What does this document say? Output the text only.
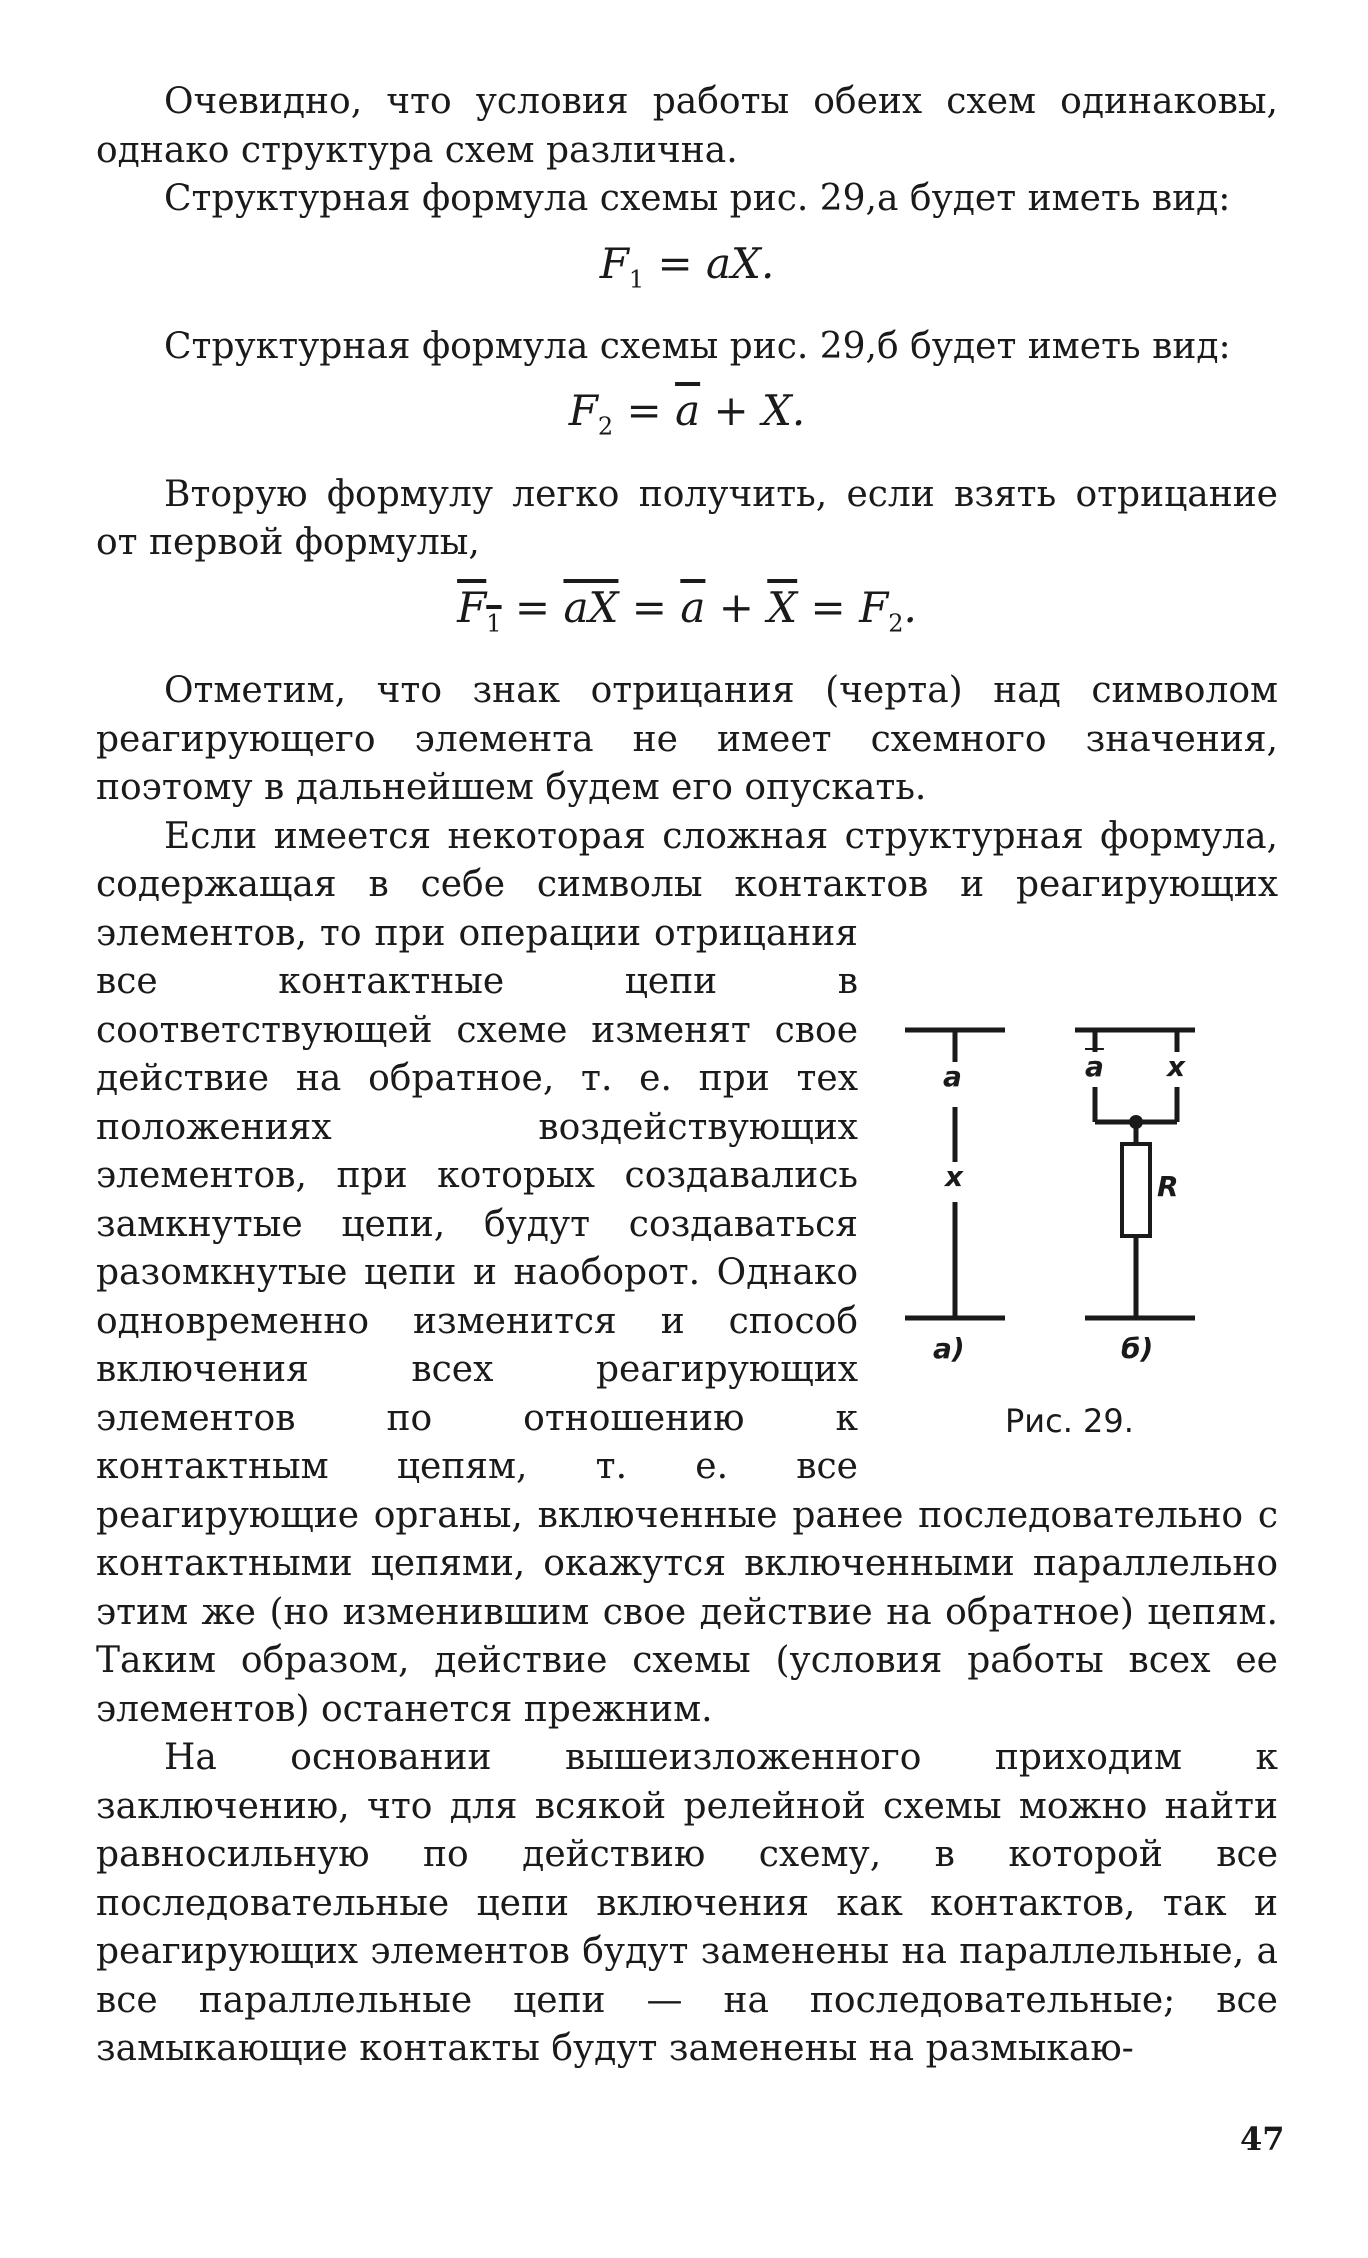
Очевидно, что условия работы обеих схем одинаковы, однако структура схем различна.

Структурная формула схемы рис. 29,а будет иметь вид:

$F_1$ = aX.

Структурная формула схемы рис. 29,б будет иметь вид:

$F_2 = \overline{a} + X$.

Вторую формулу легко получить, если взять отрицание от первой формулы,

$F_1 = \overline{aX} = \overline{a} + \overline{X} = F_2$.

Отметим, что знак отрицания (черта) над символом реагирующего элемента не имеет схемного значения, поэтому в дальнейшем будем его опускать.

Если имеется некоторая сложная структурная формула, содержащая в себе символы контактов и реагирующих элементов, то при операции отрицания все контактные цепи в соответствующей схеме изменят свое действие на обратное, т. е. при тех положениях воздействующих элементов, при которых создавались замкнутые цепи, будут создаваться разомкнутые цепи и наоборот. Однако одновременно изменится и способ включения всех реагирующих элементов по отношению к контактным цепям, т. е. все реагирующие органы, включенные ранее последовательно с контактными цепями, окажутся включенными параллельно этим же (но изменившим свое действие на обратное) цепям. Таким образом, действие схемы (условия работы всех ее элементов) останется прежним.

На основании вышеизложенного приходим к заключению, что для всякой релейной схемы можно найти равносильную по действию схему, в которой все последовательные цепи включения как контактов, так и реагирующих элементов будут заменены на параллельные, а все параллельные цепи — на последовательные; все замыкающие контакты будут заменены на размыкаю-

a
x
$\overline{a}$ x
R
а)	б)
Рис. 29.
47
